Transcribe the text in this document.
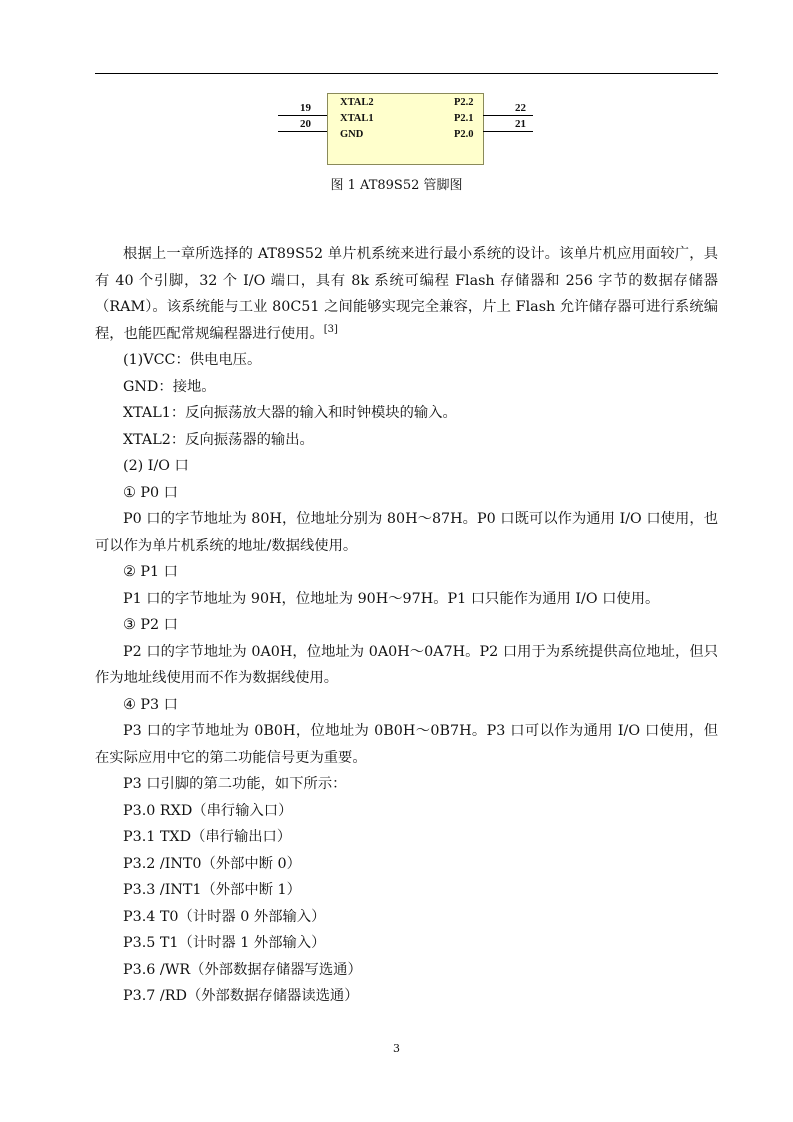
19
20
XTAL2
XTAL1
GND
22
21
P2.2
P2.1
P2.0
图 1 AT89S52 管脚图

根据上一章所选择的 AT89S52 单片机系统来进行最小系统的设计。该单片机应用面较广，具有 40 个引脚，32 个 I/O 端口，具有 8k 系统可编程 Flash 存储器和 256 字节的数据存储器（RAM）。该系统能与工业 80C51 之间能够实现完全兼容，片上 Flash 允许储存器可进行系统编程，也能匹配常规编程器进行使用。[3]

(1)VCC：供电电压。

GND：接地。

XTAL1：反向振荡放大器的输入和时钟模块的输入。

XTAL2：反向振荡器的输出。

(2) I/O 口

① P0 口

P0 口的字节地址为 80H，位地址分别为 80H～87H。P0 口既可以作为通用 I/O 口使用，也可以作为单片机系统的地址/数据线使用。

② P1 口

P1 口的字节地址为 90H，位地址为 90H～97H。P1 口只能作为通用 I/O 口使用。

③ P2 口

P2 口的字节地址为 0A0H，位地址为 0A0H～0A7H。P2 口用于为系统提供高位地址，但只作为地址线使用而不作为数据线使用。

④ P3 口

P3 口的字节地址为 0B0H，位地址为 0B0H～0B7H。P3 口可以作为通用 I/O 口使用，但在实际应用中它的第二功能信号更为重要。

P3 口引脚的第二功能，如下所示：

P3.0 RXD（串行输入口）

P3.1 TXD（串行输出口）

P3.2 /INT0（外部中断 0）

P3.3 /INT1（外部中断 1）

P3.4 T0（计时器 0 外部输入）

P3.5 T1（计时器 1 外部输入）

P3.6 /WR（外部数据存储器写选通）

P3.7 /RD（外部数据存储器读选通）

3
